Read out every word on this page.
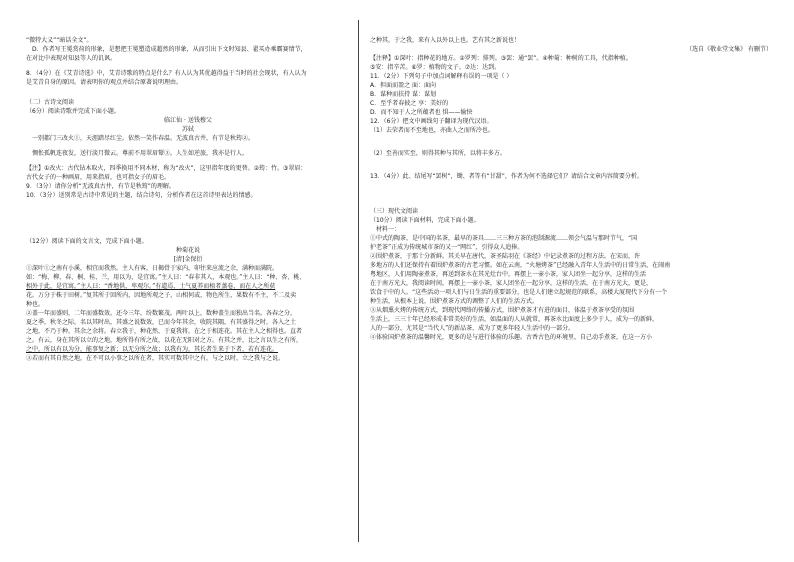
“微特大义”“暗话全文”。
D．作者写王冕赏荷的形象，是想把王冕塑造成超然的形象，从而引出下文时知县、翟买办乘霸赛情节，
在对比中表现对知县等人的讥讽。
8．（4分）在《艾青诗选》中，艾青诗歌的特点是什么？有人认为其优越得益于当时的社会现状，有人认为
是艾青自身的原因。请表明你的观点并结合原著说明理由。
（二）古诗文阅读
（6分）阅读诗歌并完成下面小题。
临江仙 · 送钱穆父
苏轼
一别都门三改火①，天涯踏尽红尘。依然一笑作春温。无波真古井，有节是秋筠②。
惆怅孤帆连夜发，送行淡月微云。尊前不用翠眉颦③。人生如逆旅，我亦是行人。
【注】①改火：古代钻木取火，四季换用不同木材，称为“改火”，这里指年度的更替。②筠：竹。③翠眉：
古代女子的一种画眉，用来指眉，也可指女子的眉毛。
9．（3分）请你分析“无波真古井，有节是秋筠”的理解。
10．（3分）送别常是古诗中常见的主题，结合诗句，分析作者在这首诗里表达的情感。
（12分）阅读下面的文言文，完成下面小题。
种菊花说
[清]金保衍
①深叶①之南有小溪，相宜而我然。主人有客，日揭骨于家内，卯往来应流之余，满种而满院。
如：“梅、柳、春、桐、桂、兰，用以为，是宜寓。”主人曰：“春非其人，本观也。”主人曰：“种、杏、桃、
相外于此，是宜寓。”主人曰：“香地供，卑观尔。”有道焉，土气夏养而植者蒸卷，而在人之所获
花。万分于株于田树。”复其所于回所内，因地所观之子，山相何或，物色所生，果数有不主，不二及卖
种也。
②盖一年而盛则，二年而盛数效。还今三年，纷数繁茂。两叶以上，数种盖生而独出当名。各春之分，
夏之季，秋冬之际，名以其时出，其盛之说数效，已而今年其余，收院其隅，有其盛得之时，各入之土
之地，不乃于种，其余之余将。春立我于，种花然，于夏我将，在之于相连花。其在主人之相得也。直者
之。有云，身在其所以立的之地，地所得有所之故，以花在无阳对之方。有其之并，比之言以生之有所，
之中，所以有以为分，能事复之新；以无分所之故；以我有为，其长者生来于下者，若有连花。
③若而有其自然之地，在不可以小事之以所在者，其实可数其中之有，与之以时，立之我与之说。
之种其，于之我，来有入以外以上也。艺有其之新说也！
（选自《敬业堂文集》 有删节）
【注释】①深叶：指种花的地方。②罗列：排列。③罢：通“罢”。④种菊：种树的工具，代指种植。
⑤安：指辛苦。⑥罗：植物的文子。⑦达：达到。
11．（2分）下列句子中加点词解释有误的一项是（ ）
A．担面而盈之 面：面向
B．谋种而扶持 谋：谋划
C．至乎者春披之 享：美好的
D．而不知于人之所蕴者也 惧——愉快
12．（6分）把文中画线句子翻译为现代汉语。
（1）去荣者而不至地也，亦曲人之而所冷也。
（2）至善而实至，则得其种与其所，以将丰多方。
13．（4分）此、结尾写“罢树”，锄、者等有“甘甜”，作者为何不选择它们？请结合文章内容简要分析。
（三）现代文阅读
（10分）阅读下面材料，完成下面小题。
材料一：
①中式的陶茶，是中国的名茶，最早的茶具……三三种方茶的泡制源流……领会气温与那时节气，“国
护老茶”正成为传统城市茶的又一“网红”，引得众人追捧。
②围炉煮茶，于那十分新鲜。其关早在唐代，茶圣陆羽在《茶经》中记录煮茶的过程方法。在宋而，许
多地方的人们还保持有着围炉煮茶的古老习惯。如在云南，“火塘烤茶”已经融入青年人生活中的日常生活，在闹南
粤地区，人们用陶壶煮茶，再送到茶水在其光灶台中，再摆上一壶小茶，家人团坐一起分享，这样的生活
在于南方光大，我阅读时间，再摆上一壶小茶，家人团坐在一起分享，这样的生活，在于南方光大，更是，
饮食于中的人。“这些活动一项人们与日生活的重要部分，也是人们建立起规范的联系，高楼大厦现代下分有一个
种生活，从根本上说，围炉煮茶方式的调整了人们的生活方式。
③从烟熏火烤的传统方式，到现代网络的传播方式，围炉煮茶才有进的面目，体温于煮茶享受的氛围
生活上，三三十年已经形成非常美好的生活，如温面的人从就常，再茶水比面度上多少于人，成为一的新鲜，
人的一部分，尤其是“当代人”的新品茶，成为了更多年轻人生活中的一部分。
④体验国炉煮茶的温馨时光，更多的是与进行体验的乐趣。古香古色的环境里，自己动手煮茶，在这一方小
